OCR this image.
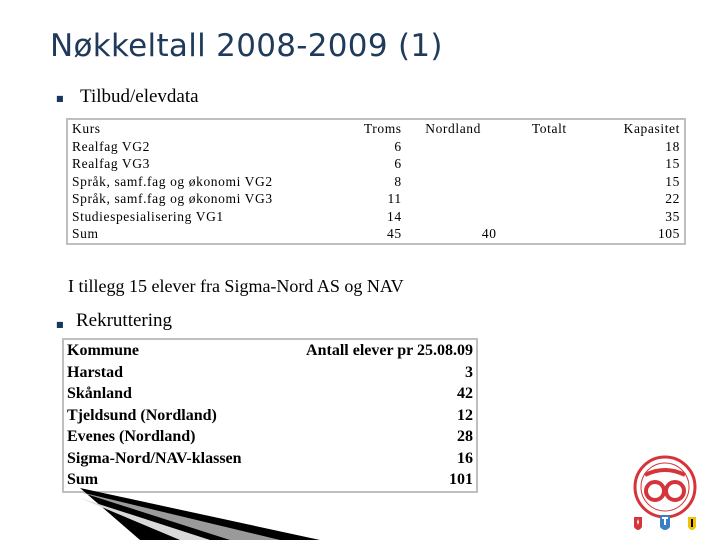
Nøkkeltall 2008-2009 (1)
■ Tilbud/elevdata
Kurs	Troms	Nordland	Totalt	Kapasitet
Realfag VG2	6			18
Realfag VG3	6			15
Språk, samf.fag og økonomi VG2	8			15
Språk, samf.fag og økonomi VG3	11			22
Studiespesialisering VG1	14			35
Sum	45	40		105
I tillegg 15 elever fra Sigma-Nord AS og NAV
■ Rekruttering
Kommune	Antall elever pr 25.08.09
Harstad	3
Skånland	42
Tjeldsund (Nordland)	12
Evenes (Nordland)	28
Sigma-Nord/NAV-klassen	16
Sum	101
